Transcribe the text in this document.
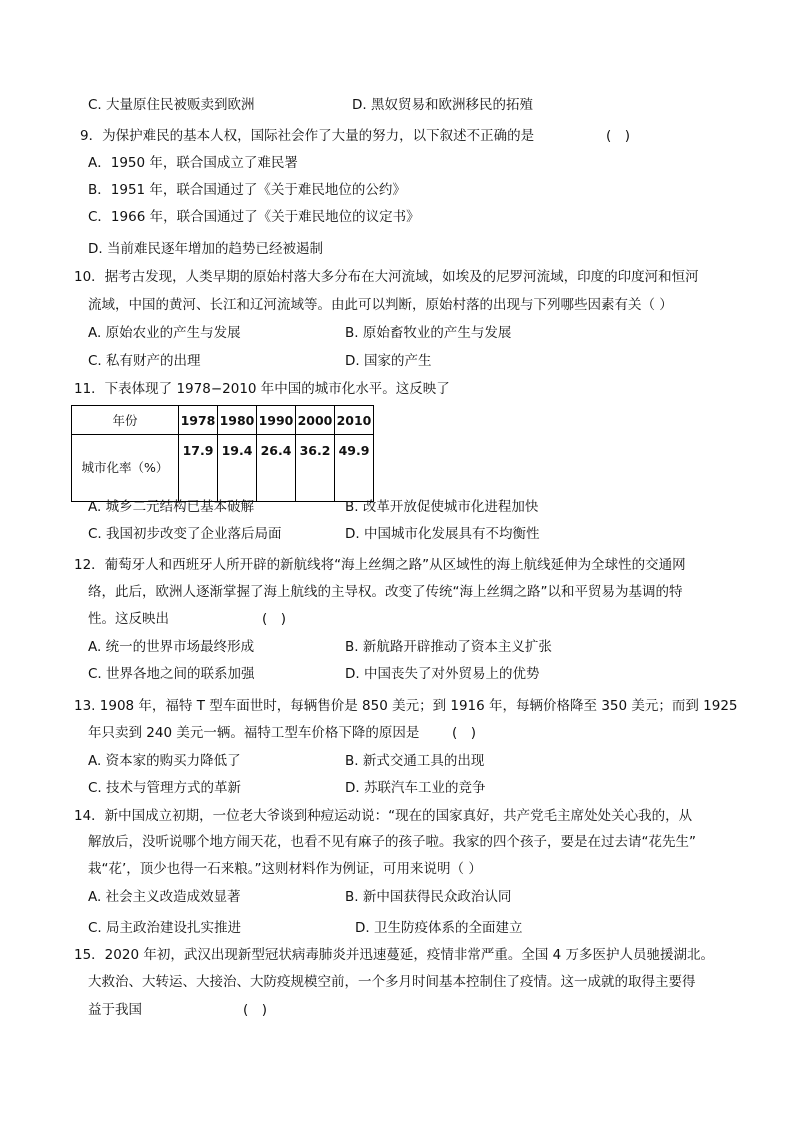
C. 大量原住民被贩卖到欧洲	D. 黑奴贸易和欧洲移民的拓殖
9．为保护难民的基本人权，国际社会作了大量的努力，以下叙述不正确的是	(　)
A．1950 年，联合国成立了难民署
B．1951 年，联合国通过了《关于难民地位的公约》
C．1966 年，联合国通过了《关于难民地位的议定书》
D. 当前难民逐年增加的趋势已经被遏制
10．据考古发现，人类早期的原始村落大多分布在大河流域，如埃及的尼罗河流域，印度的印度河和恒河
流域，中国的黄河、长江和辽河流域等。由此可以判断，原始村落的出现与下列哪些因素有关（ ）
A. 原始农业的产生与发展	B. 原始畜牧业的产生与发展
C. 私有财产的出理	D. 国家的产生
11．下表体现了 1978−2010 年中国的城市化水平。这反映了
年份	1978	1980	1990	2000	2010
城市化率（%）	17.9	19.4	26.4	36.2	49.9
A. 城乡二元结构已基本破解	B. 改革开放促使城市化进程加快
C. 我国初步改变了企业落后局面	D. 中国城市化发展具有不均衡性
12．葡萄牙人和西班牙人所开辟的新航线将“海上丝绸之路”从区域性的海上航线延伸为全球性的交通网
络，此后，欧洲人逐渐掌握了海上航线的主导权。改变了传统“海上丝绸之路”以和平贸易为基调的特
性。这反映出	(　)
A. 统一的世界市场最终形成	B. 新航路开辟推动了资本主义扩张
C. 世界各地之间的联系加强	D. 中国丧失了对外贸易上的优势
13. 1908 年，福特 T 型车面世时，每辆售价是 850 美元；到 1916 年，每辆价格降至 350 美元；而到 1925
年只卖到 240 美元一辆。福特工型车价格下降的原因是 (　)
A. 资本家的购买力降低了	B. 新式交通工具的出现
C. 技术与管理方式的革新	D. 苏联汽车工业的竞争
14．新中国成立初期，一位老大爷谈到种痘运动说：“现在的国家真好，共产党毛主席处处关心我的，从
解放后，没听说哪个地方闹天花，也看不见有麻子的孩子啦。我家的四个孩子，要是在过去请“花先生”
栽“花’，顶少也得一石来粮。”这则材料作为例证，可用来说明（ ）
A. 社会主义改造成效显著	B. 新中国获得民众政治认同
C. 局主政治建设扎实推进	D. 卫生防疫体系的全面建立
15．2020 年初，武汉出现新型冠状病毒肺炎并迅速蔓延，疫情非常严重。全国 4 万多医护人员驰援湖北。
大救治、大转运、大接治、大防疫规模空前，一个多月时间基本控制住了疫情。这一成就的取得主要得
益于我国	(　)
